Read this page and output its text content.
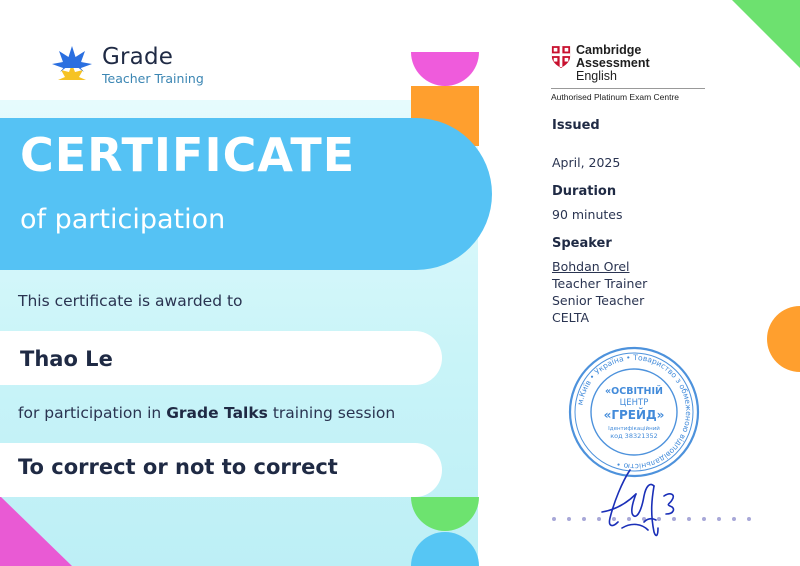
Grade
Teacher Training
CERTIFICATE
of participation
This certificate is awarded to
Thao Le
for participation in Grade Talks training session
To correct or not to correct
Cambridge Assessment
English
Authorised Platinum Exam Centre
Issued
April, 2025
Duration
90 minutes
Speaker
Bohdan Orel
Teacher Trainer
Senior Teacher
CELTA
м.Київ • Україна • Товариство з обмеженою відповідальністю •
«ОСВІТНІЙ
ЦЕНТР
«ГРЕЙД»
Ідентифікаційний
код 38321352
